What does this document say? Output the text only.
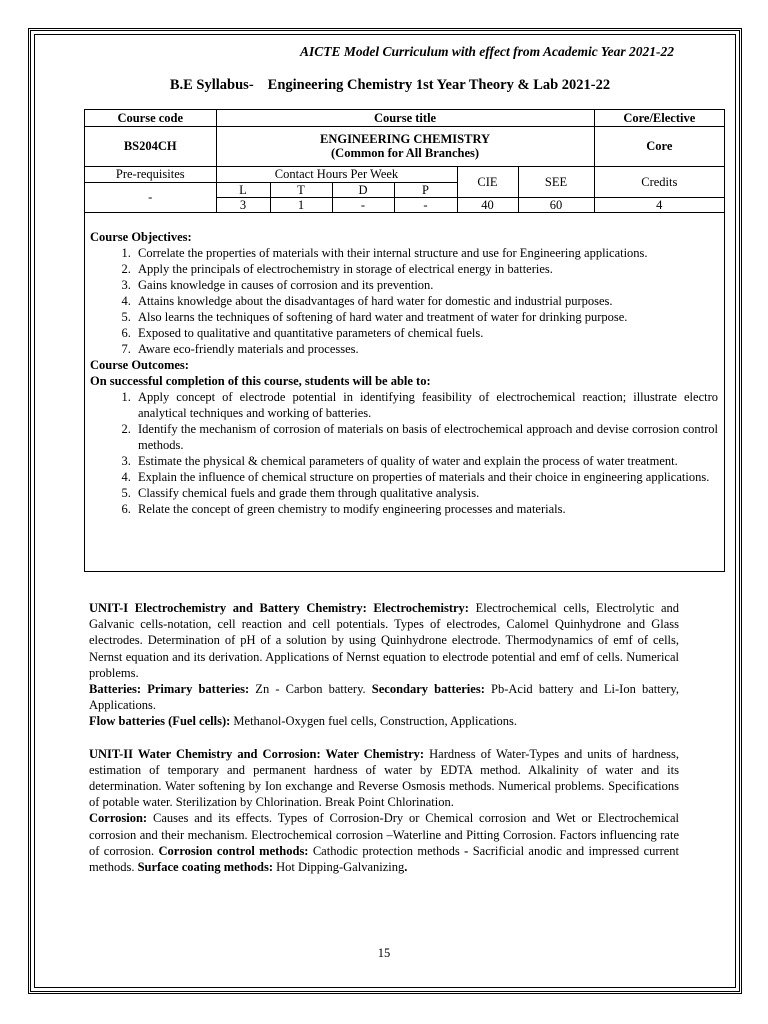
AICTE Model Curriculum with effect from Academic Year 2021-22
B.E Syllabus- Engineering Chemistry 1st Year Theory & Lab 2021-22
Course code	Course title						Core/Elective
BS204CH	ENGINEERING CHEMISTRY
(Common for All Branches)						Core
Pre-requisites	Contact Hours Per Week				CIE	SEE	Credits
-	L	T	D	P			
	3	1	-	-	40	60	4

Course Objectives:

1. Correlate the properties of materials with their internal structure and use for Engineering applications.
2. Apply the principals of electrochemistry in storage of electrical energy in batteries.
3. Gains knowledge in causes of corrosion and its prevention.
4. Attains knowledge about the disadvantages of hard water for domestic and industrial purposes.
5. Also learns the techniques of softening of hard water and treatment of water for drinking purpose.
6. Exposed to qualitative and quantitative parameters of chemical fuels.
7. Aware eco-friendly materials and processes.

Course Outcomes:

On successful completion of this course, students will be able to:

1. Apply concept of electrode potential in identifying feasibility of electrochemical reaction; illustrate electro analytical techniques and working of batteries.
2. Identify the mechanism of corrosion of materials on basis of electrochemical approach and devise corrosion control methods.
3. Estimate the physical & chemical parameters of quality of water and explain the process of water treatment.
4. Explain the influence of chemical structure on properties of materials and their choice in engineering applications.
5. Classify chemical fuels and grade them through qualitative analysis.
6. Relate the concept of green chemistry to modify engineering processes and materials.

UNIT-I Electrochemistry and Battery Chemistry: Electrochemistry: Electrochemical cells, Electrolytic and Galvanic cells-notation, cell reaction and cell potentials. Types of electrodes, Calomel Quinhydrone and Glass electrodes. Determination of pH of a solution by using Quinhydrone electrode. Thermodynamics of emf of cells, Nernst equation and its derivation. Applications of Nernst equation to electrode potential and emf of cells. Numerical problems.

Batteries: Primary batteries: Zn - Carbon battery. Secondary batteries: Pb-Acid battery and Li-Ion battery, Applications.

Flow batteries (Fuel cells): Methanol-Oxygen fuel cells, Construction, Applications.

UNIT-II Water Chemistry and Corrosion: Water Chemistry: Hardness of Water-Types and units of hardness, estimation of temporary and permanent hardness of water by EDTA method. Alkalinity of water and its determination. Water softening by Ion exchange and Reverse Osmosis methods. Numerical problems. Specifications of potable water. Sterilization by Chlorination. Break Point Chlorination.

Corrosion: Causes and its effects. Types of Corrosion-Dry or Chemical corrosion and Wet or Electrochemical corrosion and their mechanism. Electrochemical corrosion –Waterline and Pitting Corrosion. Factors influencing rate of corrosion. Corrosion control methods: Cathodic protection methods - Sacrificial anodic and impressed current methods. Surface coating methods: Hot Dipping-Galvanizing.

15
